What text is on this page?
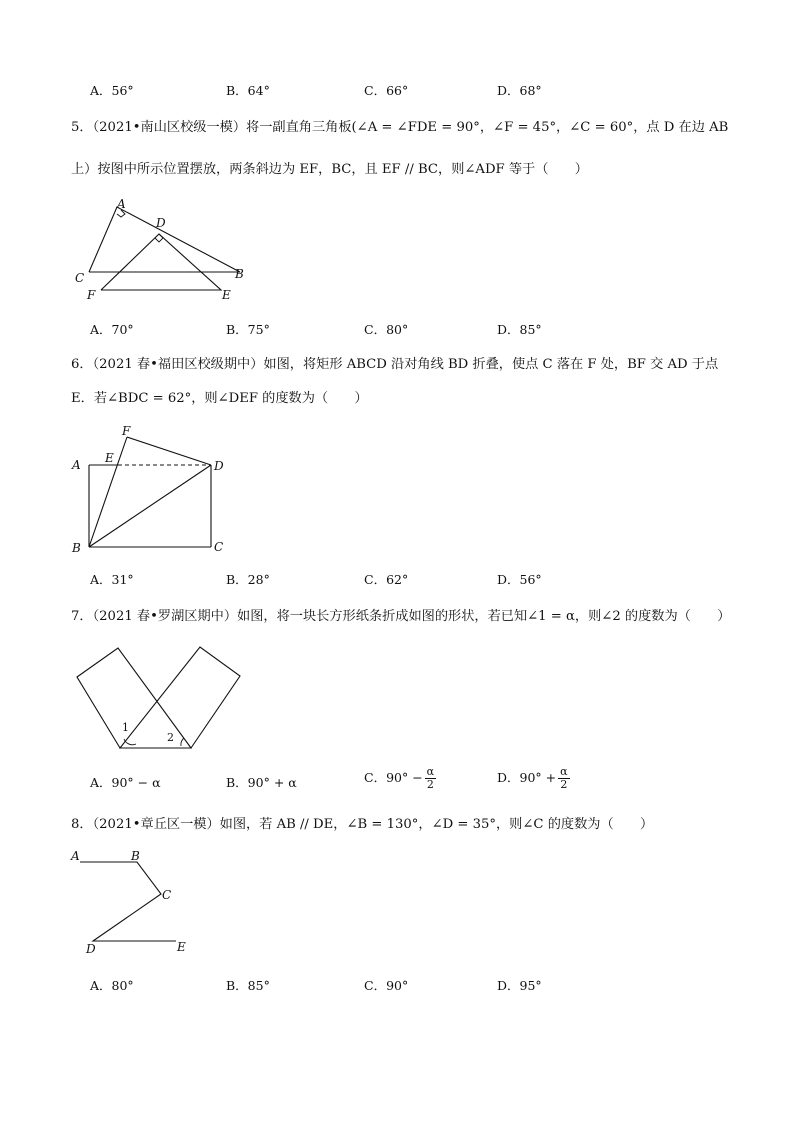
A．56°	B．64°	C．66°	D．68°
5．（2021•南山区校级一模）将一副直角三角板(∠A = ∠FDE = 90°，∠F = 45°，∠C = 60°，点 D 在边 AB
上）按图中所示位置摆放，两条斜边为 EF，BC，且 EF // BC，则∠ADF 等于（　　）
A
D
C	B
F	E
A．70°	B．75°	C．80°	D．85°
6．（2021 春•福田区校级期中）如图，将矩形 ABCD 沿对角线 BD 折叠，使点 C 落在 F 处，BF 交 AD 于点
E．若∠BDC = 62°，则∠DEF 的度数为（　　）
F
A E
D
B	C
A．31°	B．28°	C．62°	D．56°
7．（2021 春•罗湖区期中）如图，将一块长方形纸条折成如图的形状，若已知∠1 = α，则∠2 的度数为（　　）
1
2
A．90° − α	B．90° + α	C．$90^\circ - \frac{\alpha}{2}$	D．$90^\circ + \frac{\alpha}{2}$
8．（2021•章丘区一模）如图，若 AB // DE，∠B = 130°，∠D = 35°，则∠C 的度数为（　　）
A	B
C
D	E
A．80°	B．85°	C．90°	D．95°
